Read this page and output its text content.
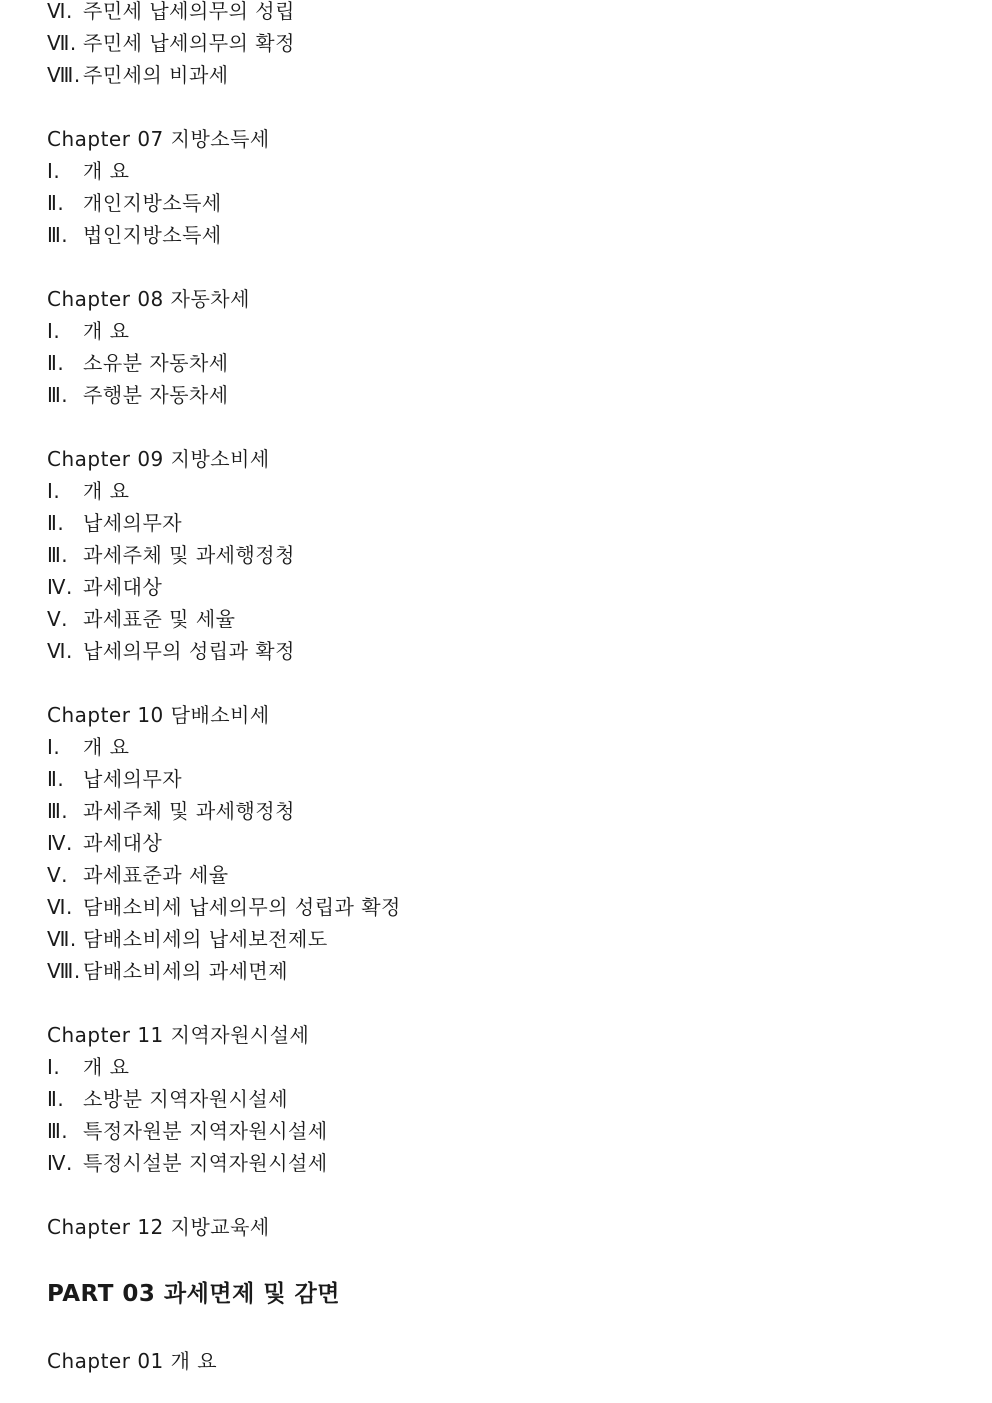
Ⅵ. 주민세 납세의무의 성립
Ⅶ. 주민세 납세의무의 확정
Ⅷ. 주민세의 비과세
Chapter 07 지방소득세
Ⅰ. 개 요
Ⅱ. 개인지방소득세
Ⅲ. 법인지방소득세
Chapter 08 자동차세
Ⅰ. 개 요
Ⅱ. 소유분 자동차세
Ⅲ. 주행분 자동차세
Chapter 09 지방소비세
Ⅰ. 개 요
Ⅱ. 납세의무자
Ⅲ. 과세주체 및 과세행정청
Ⅳ. 과세대상
Ⅴ. 과세표준 및 세율
Ⅵ. 납세의무의 성립과 확정
Chapter 10 담배소비세
Ⅰ. 개 요
Ⅱ. 납세의무자
Ⅲ. 과세주체 및 과세행정청
Ⅳ. 과세대상
Ⅴ. 과세표준과 세율
Ⅵ. 담배소비세 납세의무의 성립과 확정
Ⅶ. 담배소비세의 납세보전제도
Ⅷ. 담배소비세의 과세면제
Chapter 11 지역자원시설세
Ⅰ. 개 요
Ⅱ. 소방분 지역자원시설세
Ⅲ. 특정자원분 지역자원시설세
Ⅳ. 특정시설분 지역자원시설세
Chapter 12 지방교육세
PART 03 과세면제 및 감면
Chapter 01 개 요
